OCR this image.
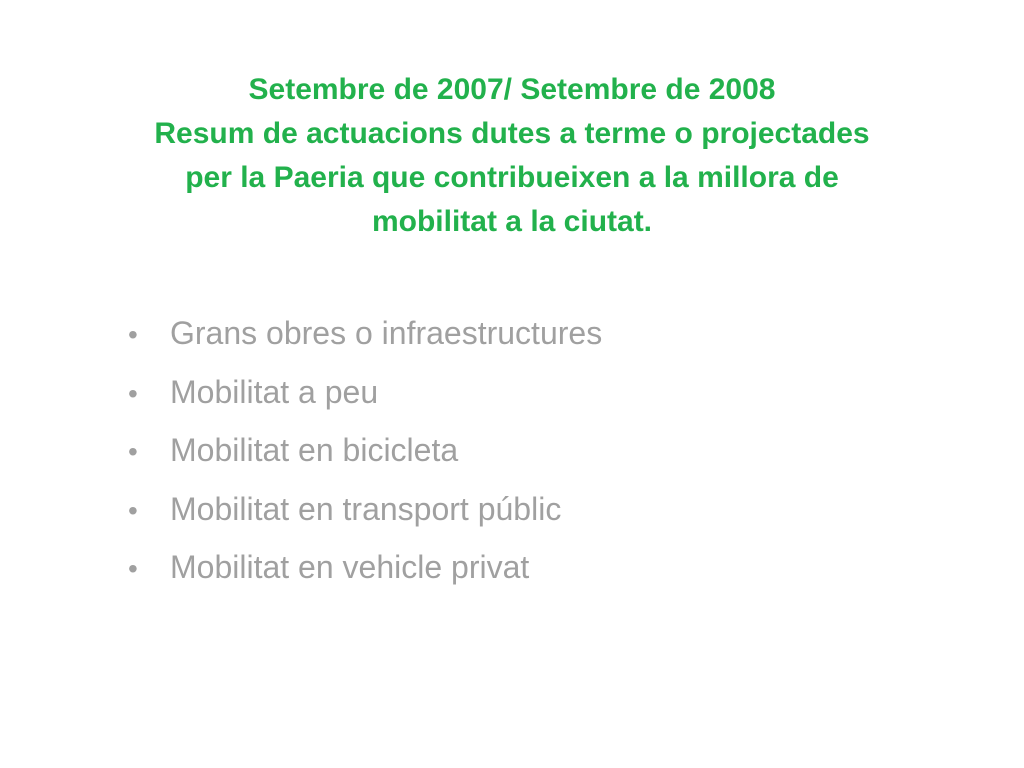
Setembre de 2007/ Setembre de 2008
Resum de actuacions dutes a terme o projectades
per la Paeria que contribueixen a la millora de
mobilitat a la ciutat.
•	Grans obres o infraestructures
•	Mobilitat a peu
•	Mobilitat en bicicleta
•	Mobilitat en transport públic
•	Mobilitat en vehicle privat
